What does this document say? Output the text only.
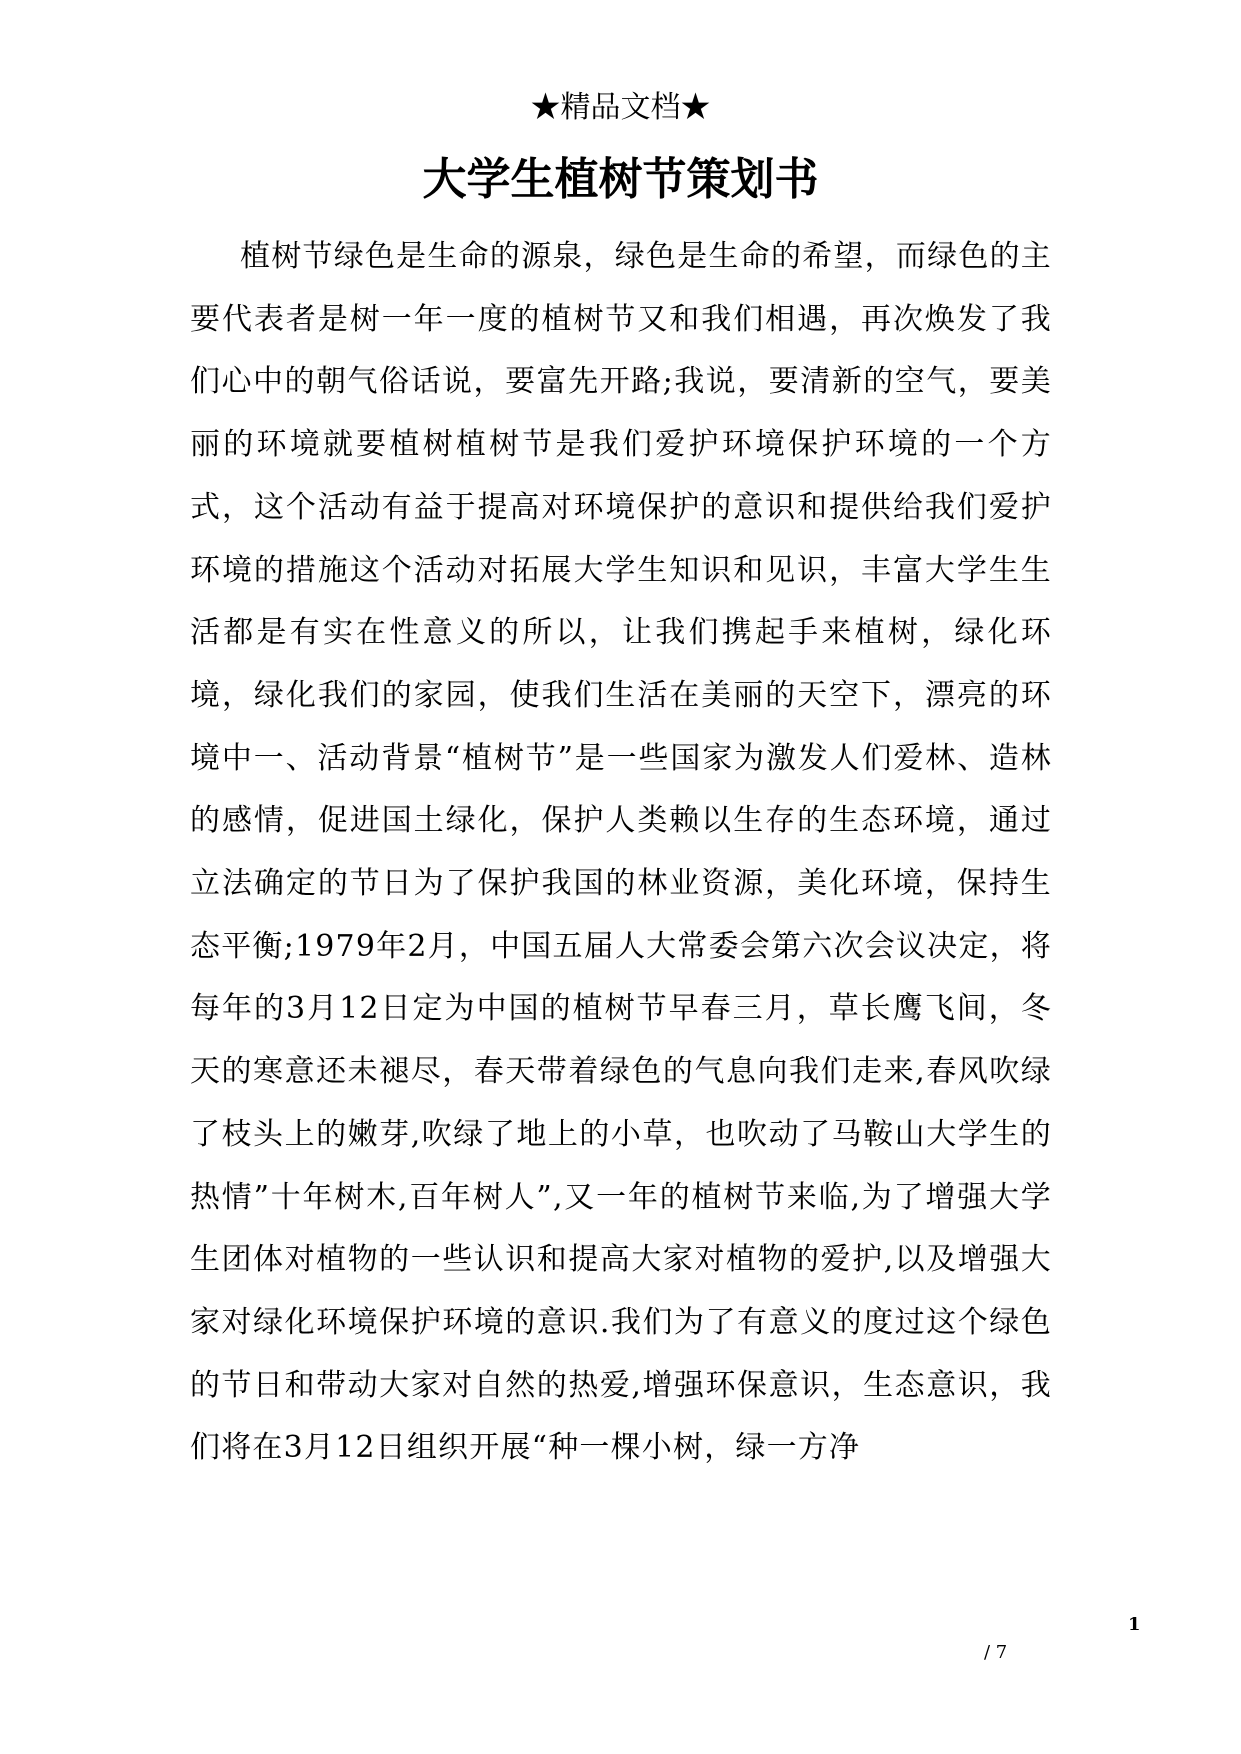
★精品文档★
大学生植树节策划书

植树节绿色是生命的源泉，绿色是生命的希望，而绿色的主要代表者是树一年一度的植树节又和我们相遇，再次焕发了我们心中的朝气俗话说，要富先开路;我说，要清新的空气，要美丽的环境就要植树植树节是我们爱护环境保护环境的一个方式，这个活动有益于提高对环境保护的意识和提供给我们爱护环境的措施这个活动对拓展大学生知识和见识，丰富大学生生活都是有实在性意义的所以，让我们携起手来植树，绿化环境，绿化我们的家园，使我们生活在美丽的天空下，漂亮的环境中一、活动背景“植树节”是一些国家为激发人们爱林、造林的感情，促进国土绿化，保护人类赖以生存的生态环境，通过立法确定的节日为了保护我国的林业资源，美化环境，保持生态平衡;1979年2月，中国五届人大常委会第六次会议决定，将每年的3月12日定为中国的植树节早春三月，草长鹰飞间，冬天的寒意还未褪尽，春天带着绿色的气息向我们走来,春风吹绿了枝头上的嫩芽,吹绿了地上的小草，也吹动了马鞍山大学生的热情”十年树木,百年树人”,又一年的植树节来临,为了增强大学生团体对植物的一些认识和提高大家对植物的爱护,以及增强大家对绿化环境保护环境的意识.我们为了有意义的度过这个绿色的节日和带动大家对自然的热爱,增强环保意识，生态意识，我们将在3月12日组织开展“种一棵小树，绿一方净

1
/ 7
